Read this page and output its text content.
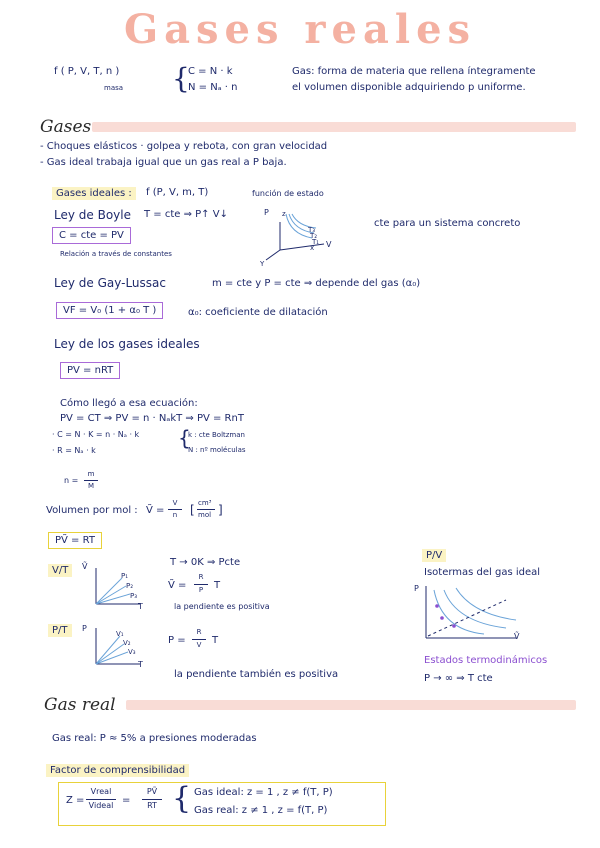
Gases reales
f ( P, V, T, n )
masa {
C = N · k
N = Nₐ · n
Gas: forma de materia que rellena íntegramente
el volumen disponible adquiriendo p uniforme.
Gases
- Choques elásticos · golpea y rebota, con gran velocidad
- Gas ideal trabaja igual que un gas real a P baja.
Gases ideales :	f (P, V, m, T)	función de estado
Ley de Boyle T = cte ⇒ P↑ V↓
C = cte = PV
Relación a través de constantes
P z
T₃
T₂
T₁ V
x
Y
cte para un sistema concreto
Ley de Gay-Lussac	m = cte y P = cte ⇒ depende del gas (α₀)
VF = V₀ (1 + α₀ T )	α₀: coeficiente de dilatación
Ley de los gases ideales
PV = nRT
Cómo llegó a esa ecuación:
PV = CT ⇒ PV = n · NₐkT ⇒ PV = RnT
· C = N · K = n · Nₐ · k
· R = Nₐ · k
{
k : cte Boltzman
N : nº moléculas
n =
m
M
Volumen por mol : Ṽ =
V
n [ cm³
mol ]
PṼ = RT
V/T	Ṽ
P₁
P₂
P₃
T
T → 0K ⇒ Pcte
Ṽ =
R
P T
la pendiente es positiva
P/T	P
V₁
V₂
V₃
T
P =
R
V T
la pendiente también es positiva
P/V
Isotermas del gas ideal
P
Ṽ
Estados termodinámicos
P → ∞ ⇒ T cte
Gas real
Gas real: P ≈ 5% a presiones moderadas
Factor de comprensibilidad
Z =
Vreal
Videal =
PṼ
RT { Gas ideal: z = 1 , z ≠ f(T, P)
Gas real: z ≠ 1 , z = f(T, P)
